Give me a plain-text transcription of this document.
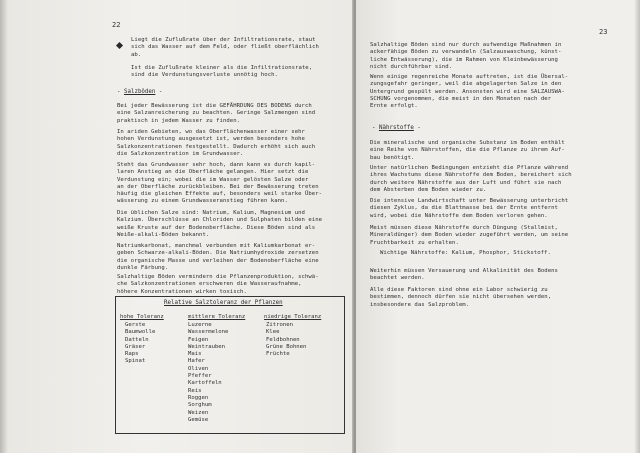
22
Liegt die Zuflußrate über der Infiltrationsrate, staut
sich das Wasser auf dem Feld, oder fließt oberflächlich
ab.
Ist die Zuflußrate kleiner als die Infiltrationsrate,
sind die Verdunstungsverluste unnötig hoch.
- Salzböden -
Bei jeder Bewässerung ist die GEFÄHRDUNG DES BODENS durch
eine Salzanreicherung zu beachten. Geringe Salzmengen sind
praktisch in jedem Wasser zu finden.
In ariden Gebieten, wo das Oberflächenwasser einer sehr
hohen Verdunstung ausgesetzt ist, werden besonders hohe
Salzkonzentrationen festgestellt. Dadurch erhöht sich auch
die Salzkonzentration im Grundwasser.
Steht das Grundwasser sehr hoch, dann kann es durch kapil-
laren Anstieg an die Oberfläche gelangen. Hier setzt die
Verdunstung ein; wobei die im Wasser gelösten Salze oder
an der Oberfläche zurückbleiben. Bei der Bewässerung treten
häufig die gleichen Effekte auf, besonders weil starke Über-
wässerung zu einem Grundwasseranstieg führen kann.
Die üblichen Salze sind: Natrium, Kalium, Magnesium und
Kalzium. Überschlüsse an Chloriden und Sulphaten bilden eine
weiße Kruste auf der Bodenoberfläche. Diese Böden sind als
Weiße-alkali-Böden bekannt.
Natriumkarbonat, manchmal verbunden mit Kaliumkarbonat er-
geben Schwarze-alkali-Böden. Die Natriumhydroxide zersetzen
die organische Masse und verleihen der Bodenoberfläche eine
dunkle Färbung.
Salzhaltige Böden vermindern die Pflanzenproduktion, schwä-
che Salzkonzentrationen erschweren die Wasseraufnahme,
höhere Konzentrationen wirken toxisch.
Relative Salztoleranz der Pflanzen
hohe Toleranz	mittlere Toleranz	niedrige Toleranz
Gerste
Baumwolle
Datteln
Gräser
Raps
Spinat
Luzerne
Wassermelone
Feigen
Weintrauben
Mais
Hafer
Oliven
Pfeffer
Kartoffeln
Reis
Roggen
Sorghum
Weizen
Gemüse
Zitronen
Klee
Feldbohnen
Grüne Bohnen
Früchte
23
Salzhaltige Böden sind nur durch aufwendige Maßnahmen in
ackerfähige Böden zu verwandeln (Salzauswaschung, künst-
liche Entwässerung), die im Rahmen von Kleinbewässerung
nicht durchführbar sind.
Wenn einige regenreiche Monate auftreten, ist die Übersal-
zungsgefahr geringer, weil die abgelagerten Salze in den
Untergrund gespült werden. Ansonsten wird eine SALZAUSWA-
SCHUNG vorgenommen, die meist in den Monaten nach der
Ernte erfolgt.
- Nährstoffe -
Die mineralische und organische Substanz im Boden enthält
eine Reihe von Nährstoffen, die die Pflanze zu ihrem Auf-
bau benötigt.
Unter natürlichen Bedingungen entzieht die Pflanze während
ihres Wachstums diese Nährstoffe dem Boden, bereichert sich
durch weitere Nährstoffe aus der Luft und führt sie nach
dem Absterben dem Boden wieder zu.
Die intensive Landwirtschaft unter Bewässerung unterbricht
diesen Zyklus, da die Blattmasse bei der Ernte entfernt
wird, wobei die Nährstoffe dem Boden verloren gehen.
Meist müssen diese Nährstoffe durch Düngung (Stallmist,
Mineraldünger) dem Boden wieder zugeführt werden, um seine
Fruchtbarkeit zu erhalten.
Wichtige Nährstoffe: Kalium, Phosphor, Stickstoff.
Weiterhin müssen Versauerung und Alkalinität des Bodens
beachtet werden.
Alle diese Faktoren sind ohne ein Labor schwierig zu
bestimmen, dennoch dürfen sie nicht übersehen werden,
insbesondere das Salzproblem.
